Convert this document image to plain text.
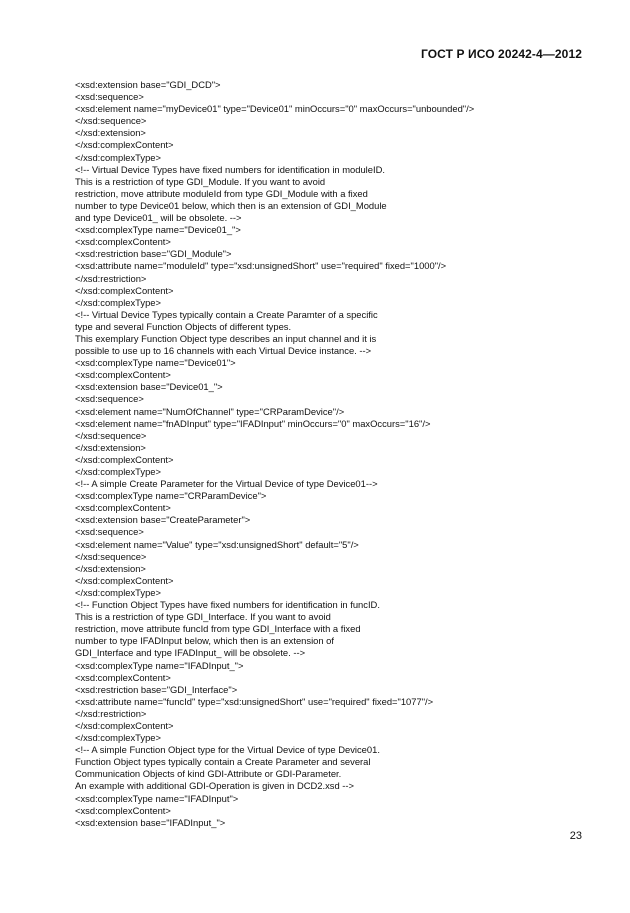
ГОСТ Р ИСО 20242-4—2012
<xsd:extension base="GDI_DCD">
<xsd:sequence>
<xsd:element name="myDevice01" type="Device01" minOccurs="0" maxOccurs="unbounded"/>
</xsd:sequence>
</xsd:extension>
</xsd:complexContent>
</xsd:complexType>
<!-- Virtual Device Types have fixed numbers for identification in moduleID.
This is a restriction of type GDI_Module. If you want to avoid
restriction, move attribute moduleId from type GDI_Module with a fixed
number to type Device01 below, which then is an extension of GDI_Module
and type Device01_ will be obsolete. -->
<xsd:complexType name="Device01_">
<xsd:complexContent>
<xsd:restriction base="GDI_Module">
<xsd:attribute name="moduleId" type="xsd:unsignedShort" use="required" fixed="1000"/>
</xsd:restriction>
</xsd:complexContent>
</xsd:complexType>
<!-- Virtual Device Types typically contain a Create Paramter of a specific
type and several Function Objects of different types.
This exemplary Function Object type describes an input channel and it is
possible to use up to 16 channels with each Virtual Device instance. -->
<xsd:complexType name="Device01">
<xsd:complexContent>
<xsd:extension base="Device01_">
<xsd:sequence>
<xsd:element name="NumOfChannel" type="CRParamDevice"/>
<xsd:element name="fnADInput" type="IFADInput" minOccurs="0" maxOccurs="16"/>
</xsd:sequence>
</xsd:extension>
</xsd:complexContent>
</xsd:complexType>
<!-- A simple Create Parameter for the Virtual Device of type Device01-->
<xsd:complexType name="CRParamDevice">
<xsd:complexContent>
<xsd:extension base="CreateParameter">
<xsd:sequence>
<xsd:element name="Value" type="xsd:unsignedShort" default="5"/>
</xsd:sequence>
</xsd:extension>
</xsd:complexContent>
</xsd:complexType>
<!-- Function Object Types have fixed numbers for identification in funcID.
This is a restriction of type GDI_Interface. If you want to avoid
restriction, move attribute funcId from type GDI_Interface with a fixed
number to type IFADInput below, which then is an extension of
GDI_Interface and type IFADInput_ will be obsolete. -->
<xsd:complexType name="IFADInput_">
<xsd:complexContent>
<xsd:restriction base="GDI_Interface">
<xsd:attribute name="funcId" type="xsd:unsignedShort" use="required" fixed="1077"/>
</xsd:restriction>
</xsd:complexContent>
</xsd:complexType>
<!-- A simple Function Object type for the Virtual Device of type Device01.
Function Object types typically contain a Create Parameter and several
Communication Objects of kind GDI-Attribute or GDI-Parameter.
An example with additional GDI-Operation is given in DCD2.xsd -->
<xsd:complexType name="IFADInput">
<xsd:complexContent>
<xsd:extension base="IFADInput_">
23
